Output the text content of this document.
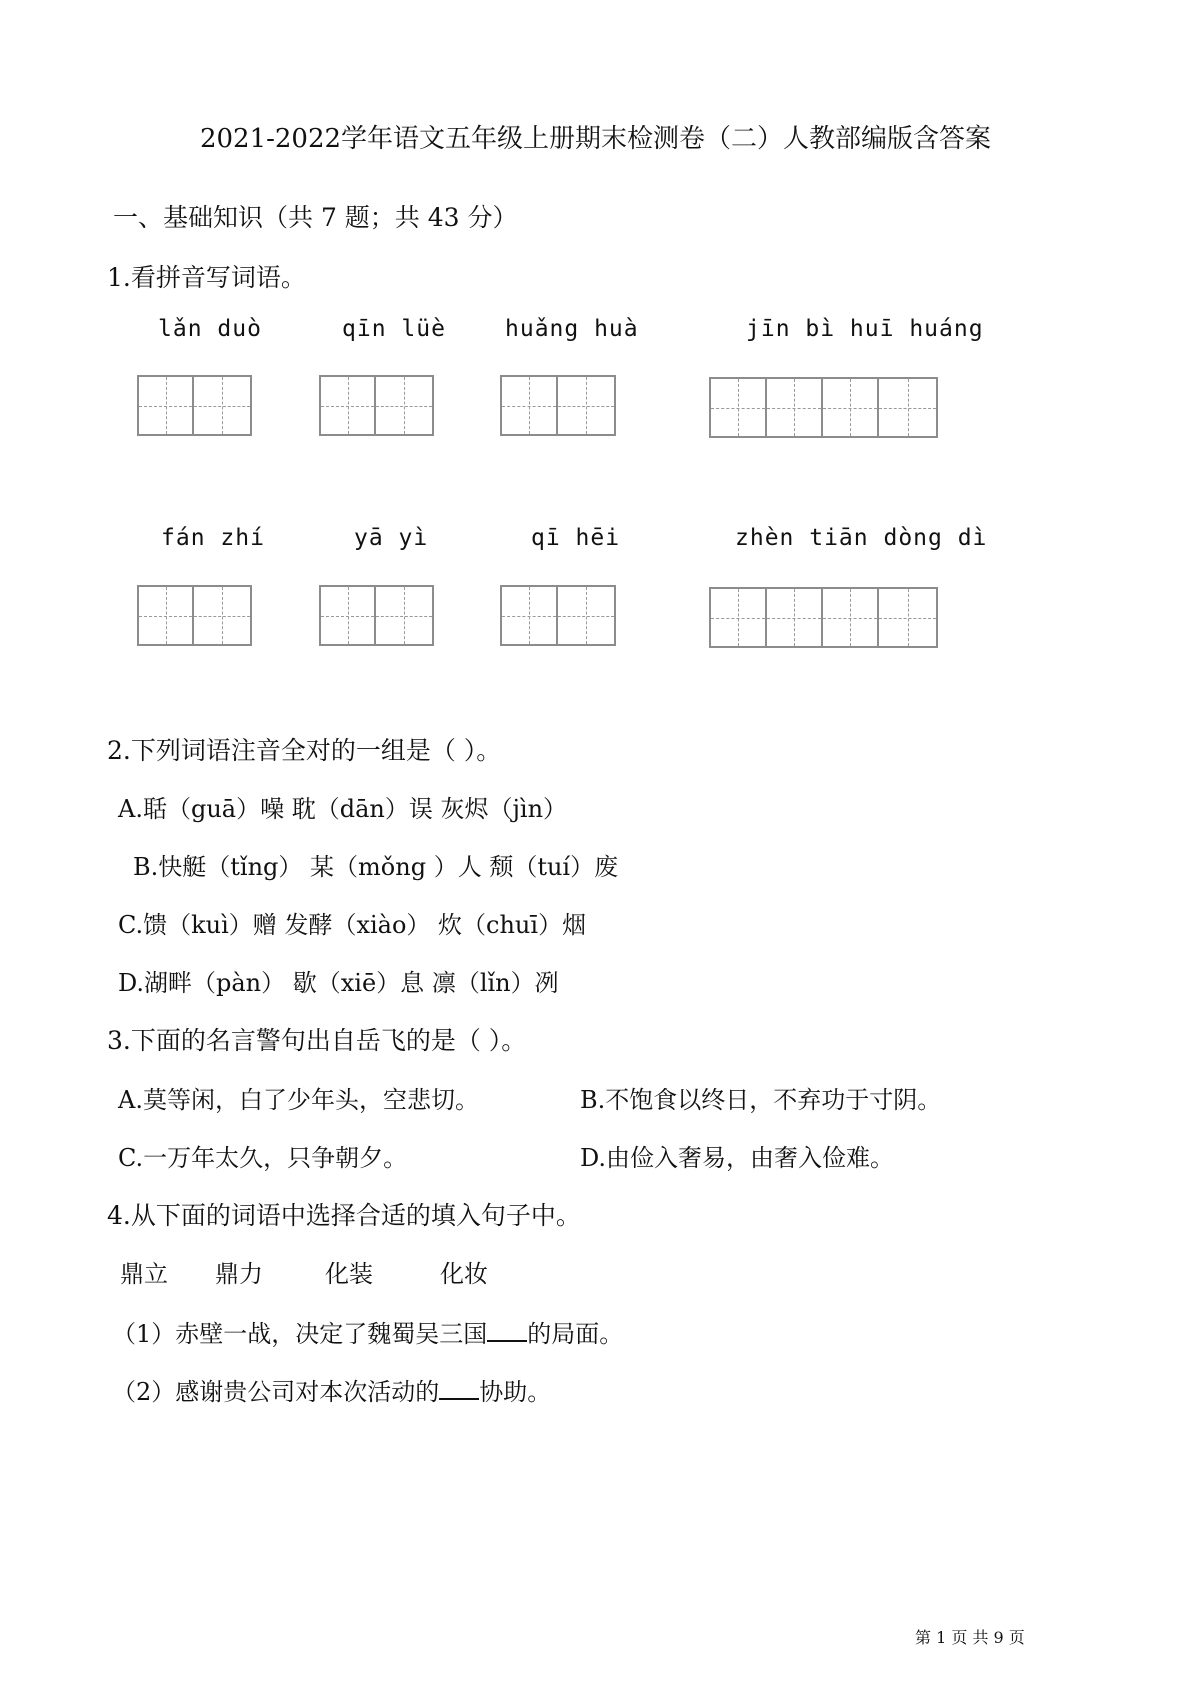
2021-2022学年语文五年级上册期末检测卷（二）人教部编版含答案
一、基础知识（共 7 题；共 43 分）
1.看拼音写词语。
lǎn duò	qīn lüè	huǎng huà	jīn bì huī huáng
fán zhí	yā yì	qī hēi	zhèn tiān dòng dì
2.下列词语注音全对的一组是（ ）。
A.聒（guā）噪 耽（dān）误 灰烬（jìn）
B.快艇（tǐng） 某（mǒng ）人 颓（tuí）废
C.馈（kuì）赠 发酵（xiào） 炊（chuī）烟
D.湖畔（pàn） 歇（xiē）息 凛（lǐn）冽
3.下面的名言警句出自岳飞的是（ ）。
A.莫等闲，白了少年头，空悲切。	B.不饱食以终日，不弃功于寸阴。
C.一万年太久，只争朝夕。	D.由俭入奢易，由奢入俭难。
4.从下面的词语中选择合适的填入句子中。
鼎立 鼎力	化装	化妆
（1）赤壁一战，决定了魏蜀吴三国 的局面。
（2）感谢贵公司对本次活动的 协助。
第 1 页 共 9 页
